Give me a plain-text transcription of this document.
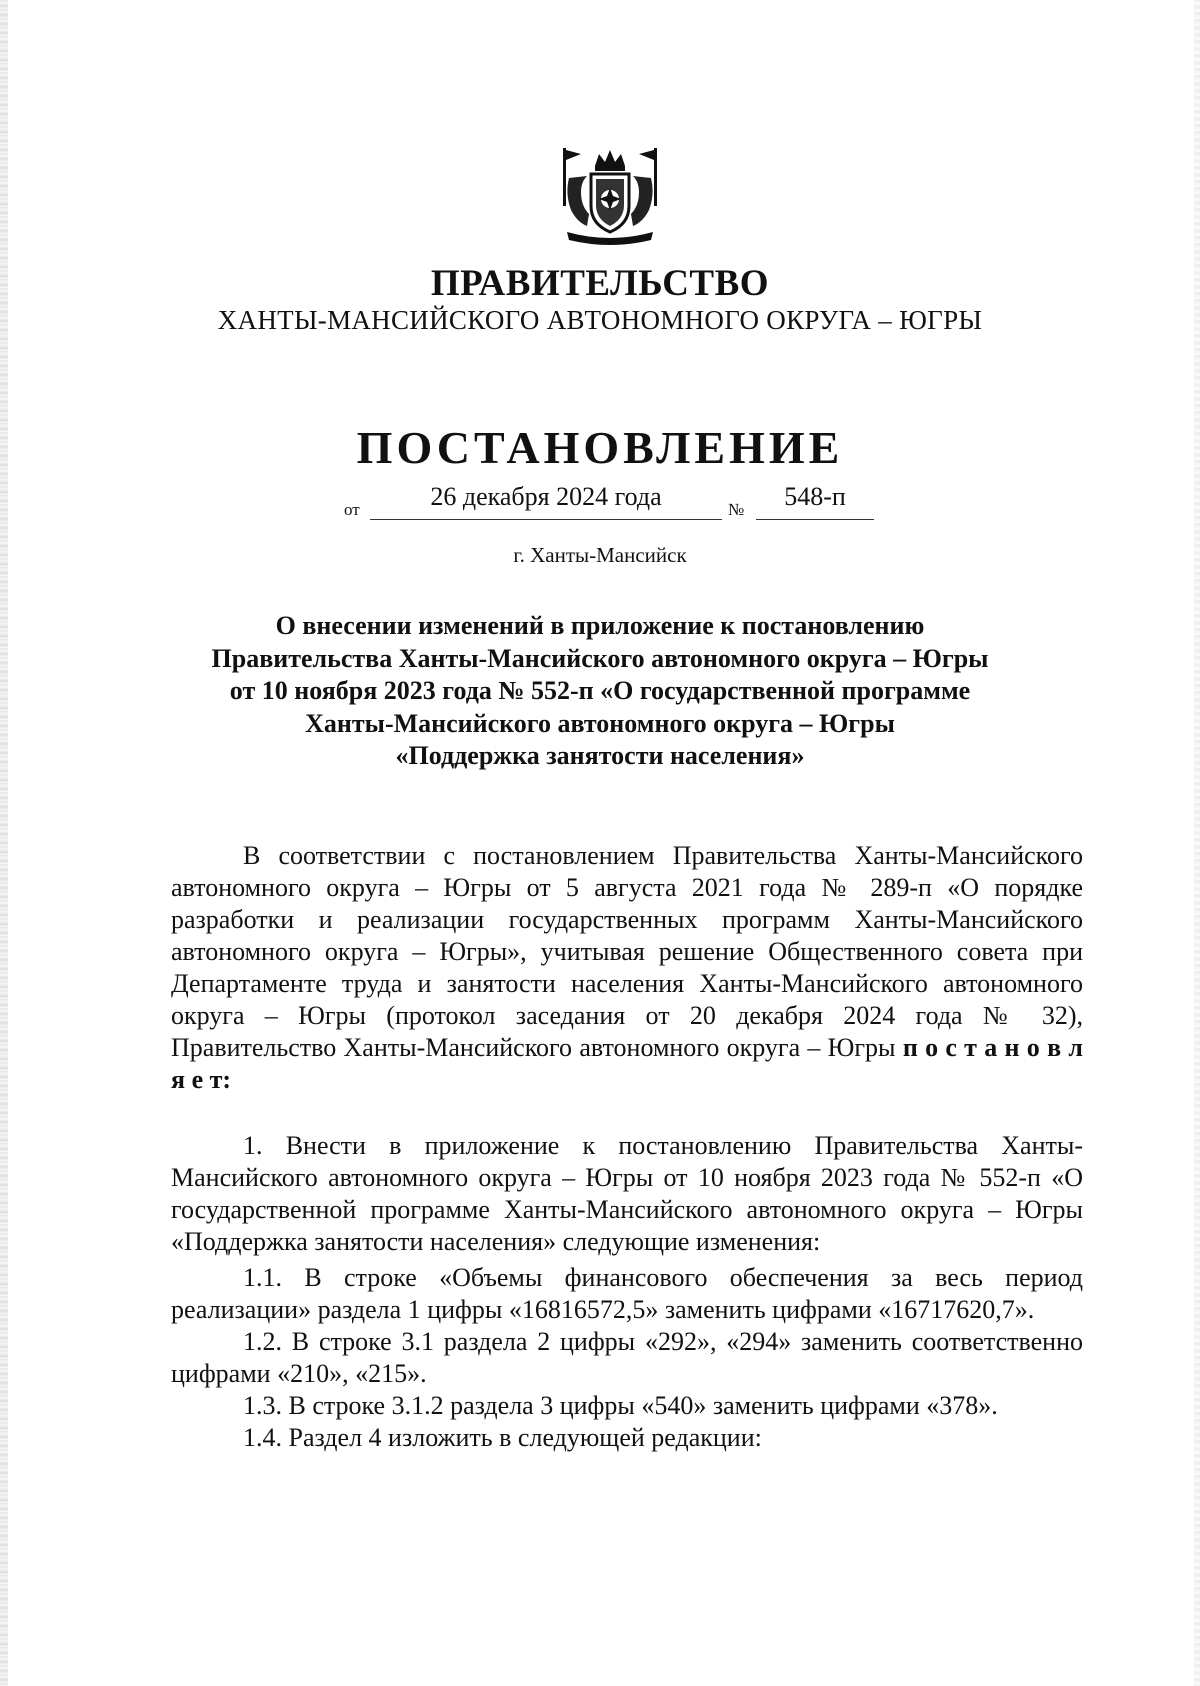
ПРАВИТЕЛЬСТВО
ХАНТЫ-МАНСИЙСКОГО АВТОНОМНОГО ОКРУГА – ЮГРЫ
ПОСТАНОВЛЕНИЕ
от	26 декабря 2024 года	№	548-п
г. Ханты-Мансийск
О внесении изменений в приложение к постановлению
Правительства Ханты-Мансийского автономного округа – Югры
от 10 ноября 2023 года № 552-п «О государственной программе
Ханты-Мансийского автономного округа – Югры
«Поддержка занятости населения»
В соответствии с постановлением Правительства Ханты-Мансийского автономного округа – Югры от 5 августа 2021 года № 289-п «О порядке разработки и реализации государственных программ Ханты-Мансийского автономного округа – Югры», учитывая решение Общественного совета при Департаменте труда и занятости населения Ханты-Мансийского автономного округа – Югры (протокол заседания от 20 декабря 2024 года № 32), Правительство Ханты-Мансийского автономного округа – Югры п о с т а н о в л я е т:
1. Внести в приложение к постановлению Правительства Ханты-Мансийского автономного округа – Югры от 10 ноября 2023 года № 552-п «О государственной программе Ханты-Мансийского автономного округа – Югры «Поддержка занятости населения» следующие изменения:

1.1. В строке «Объемы финансового обеспечения за весь период реализации» раздела 1 цифры «16816572,5» заменить цифрами «16717620,7».

1.2. В строке 3.1 раздела 2 цифры «292», «294» заменить соответственно цифрами «210», «215».

1.3. В строке 3.1.2 раздела 3 цифры «540» заменить цифрами «378».

1.4. Раздел 4 изложить в следующей редакции:
